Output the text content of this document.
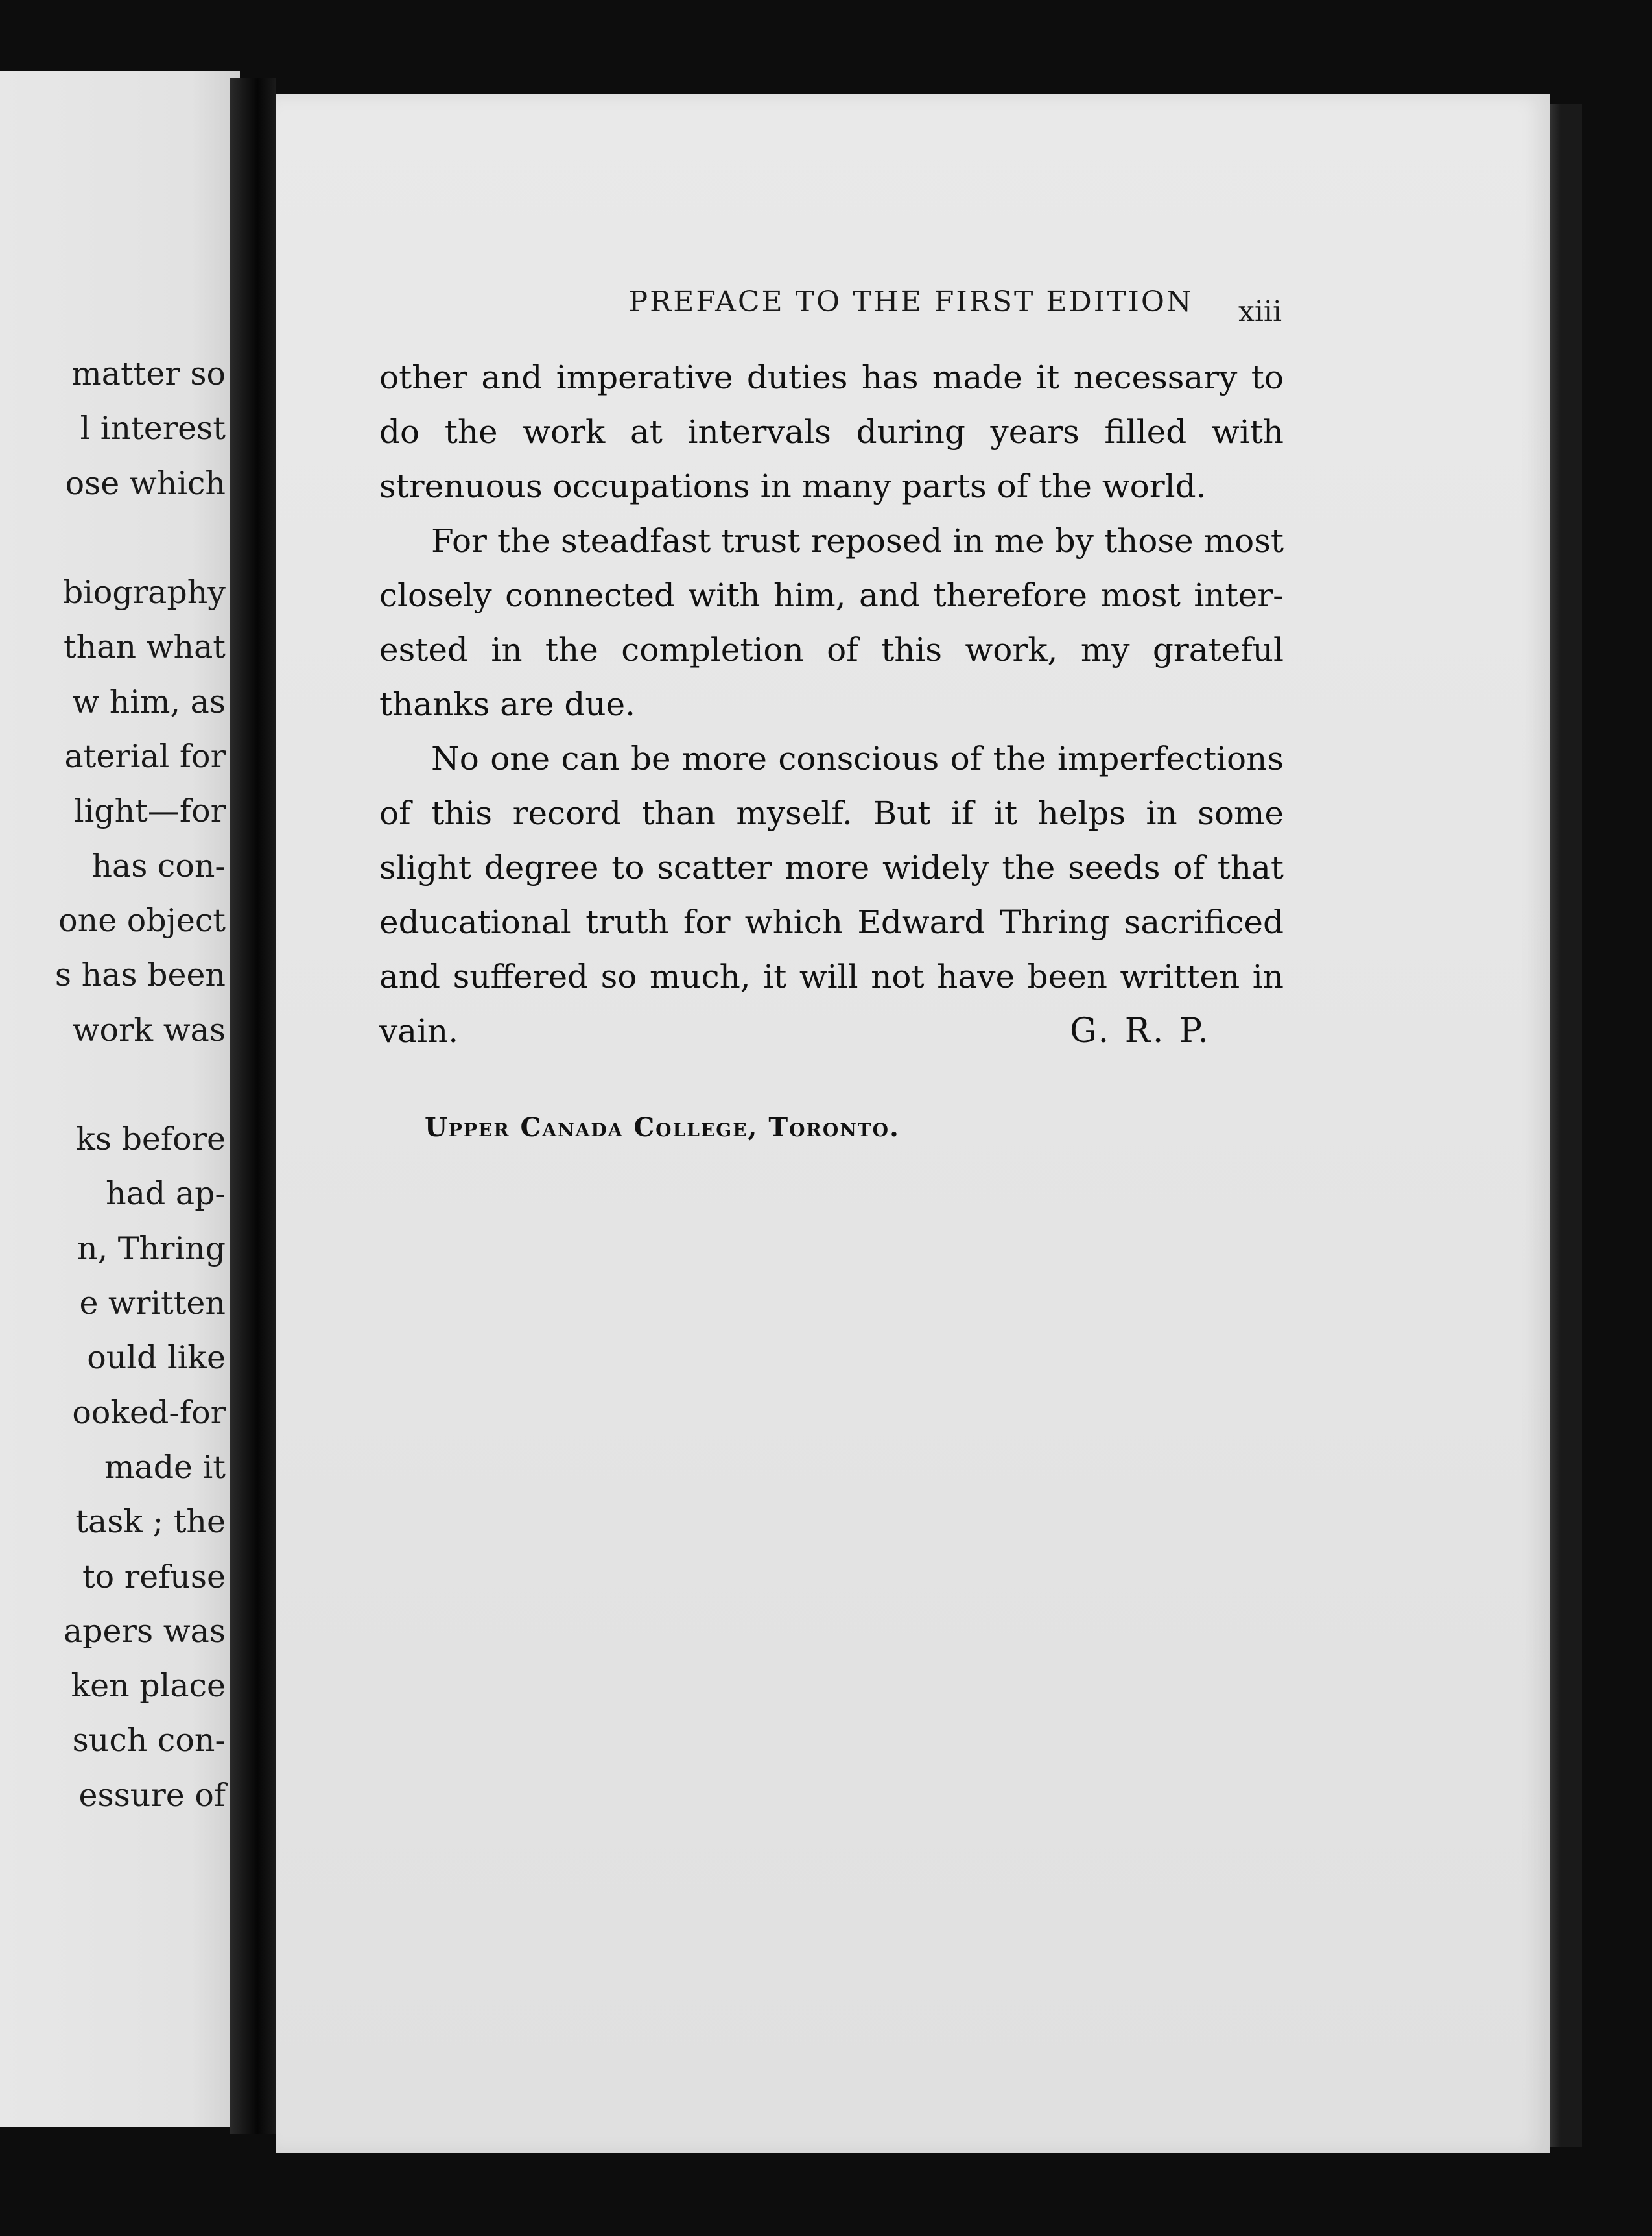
matter so
l interest
ose which
biography
than what
w him, as
aterial for
light—for
has con-
one object
s has been
work was
ks before
had ap-
n, Thring
e written
ould like
ooked-for
made it
task ; the
to refuse
apers was
ken place
such con-
essure of
PREFACE TO THE FIRST EDITION	xiii
other and imperative duties has made it necessary to
do the work at intervals during years filled with
strenuous occupations in many parts of the world.
For the steadfast trust reposed in me by those most
closely connected with him, and therefore most inter-
ested in the completion of this work, my grateful
thanks are due.
No one can be more conscious of the imperfections
of this record than myself. But if it helps in some
slight degree to scatter more widely the seeds of that
educational truth for which Edward Thring sacrificed
and suffered so much, it will not have been written in
vain.	G. R. P.
Upper Canada College, Toronto.
